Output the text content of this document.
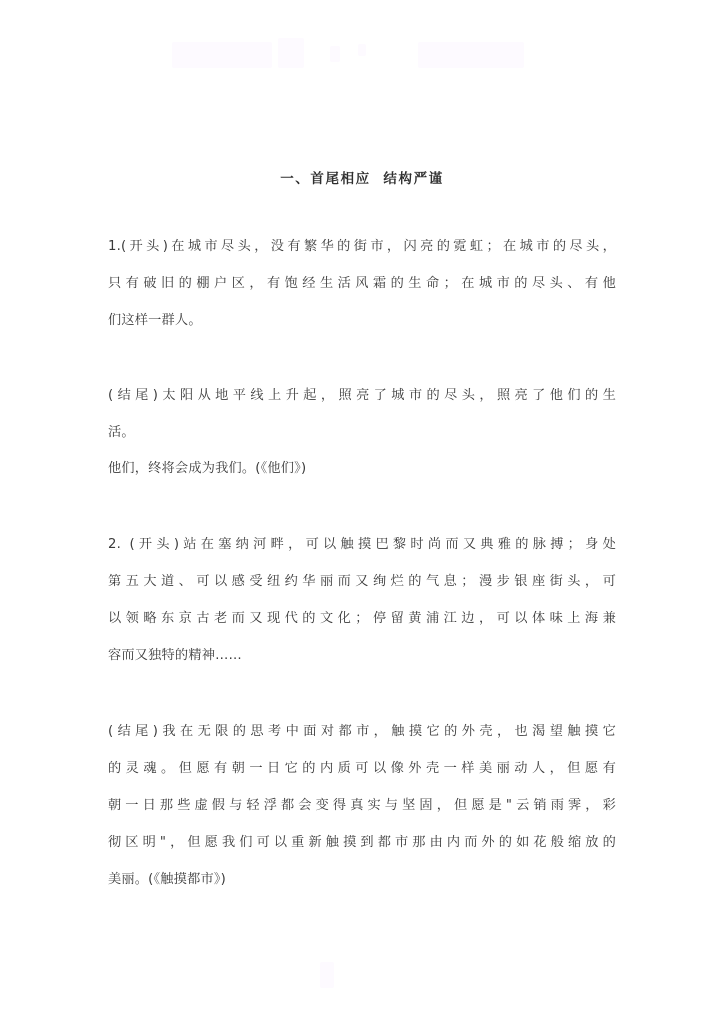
一、首尾相应  结构严谨
1.(开头)在城市尽头，没有繁华的街市，闪亮的霓虹；在城市的尽头，
只有破旧的棚户区，有饱经生活风霜的生命；在城市的尽头、有他
们这样一群人。
(结尾)太阳从地平线上升起，照亮了城市的尽头，照亮了他们的生
活。
他们，终将会成为我们。(《他们》)
2. (开头)站在塞纳河畔，可以触摸巴黎时尚而又典雅的脉搏；身处
第五大道、可以感受纽约华丽而又绚烂的气息；漫步银座街头，可
以领略东京古老而又现代的文化；停留黄浦江边，可以体味上海兼
容而又独特的精神……
(结尾)我在无限的思考中面对都市，触摸它的外壳，也渴望触摸它
的灵魂。但愿有朝一日它的内质可以像外壳一样美丽动人，但愿有
朝一日那些虚假与轻浮都会变得真实与坚固，但愿是"云销雨霁，彩
彻区明"，但愿我们可以重新触摸到都市那由内而外的如花般缩放的
美丽。(《触摸都市》)
